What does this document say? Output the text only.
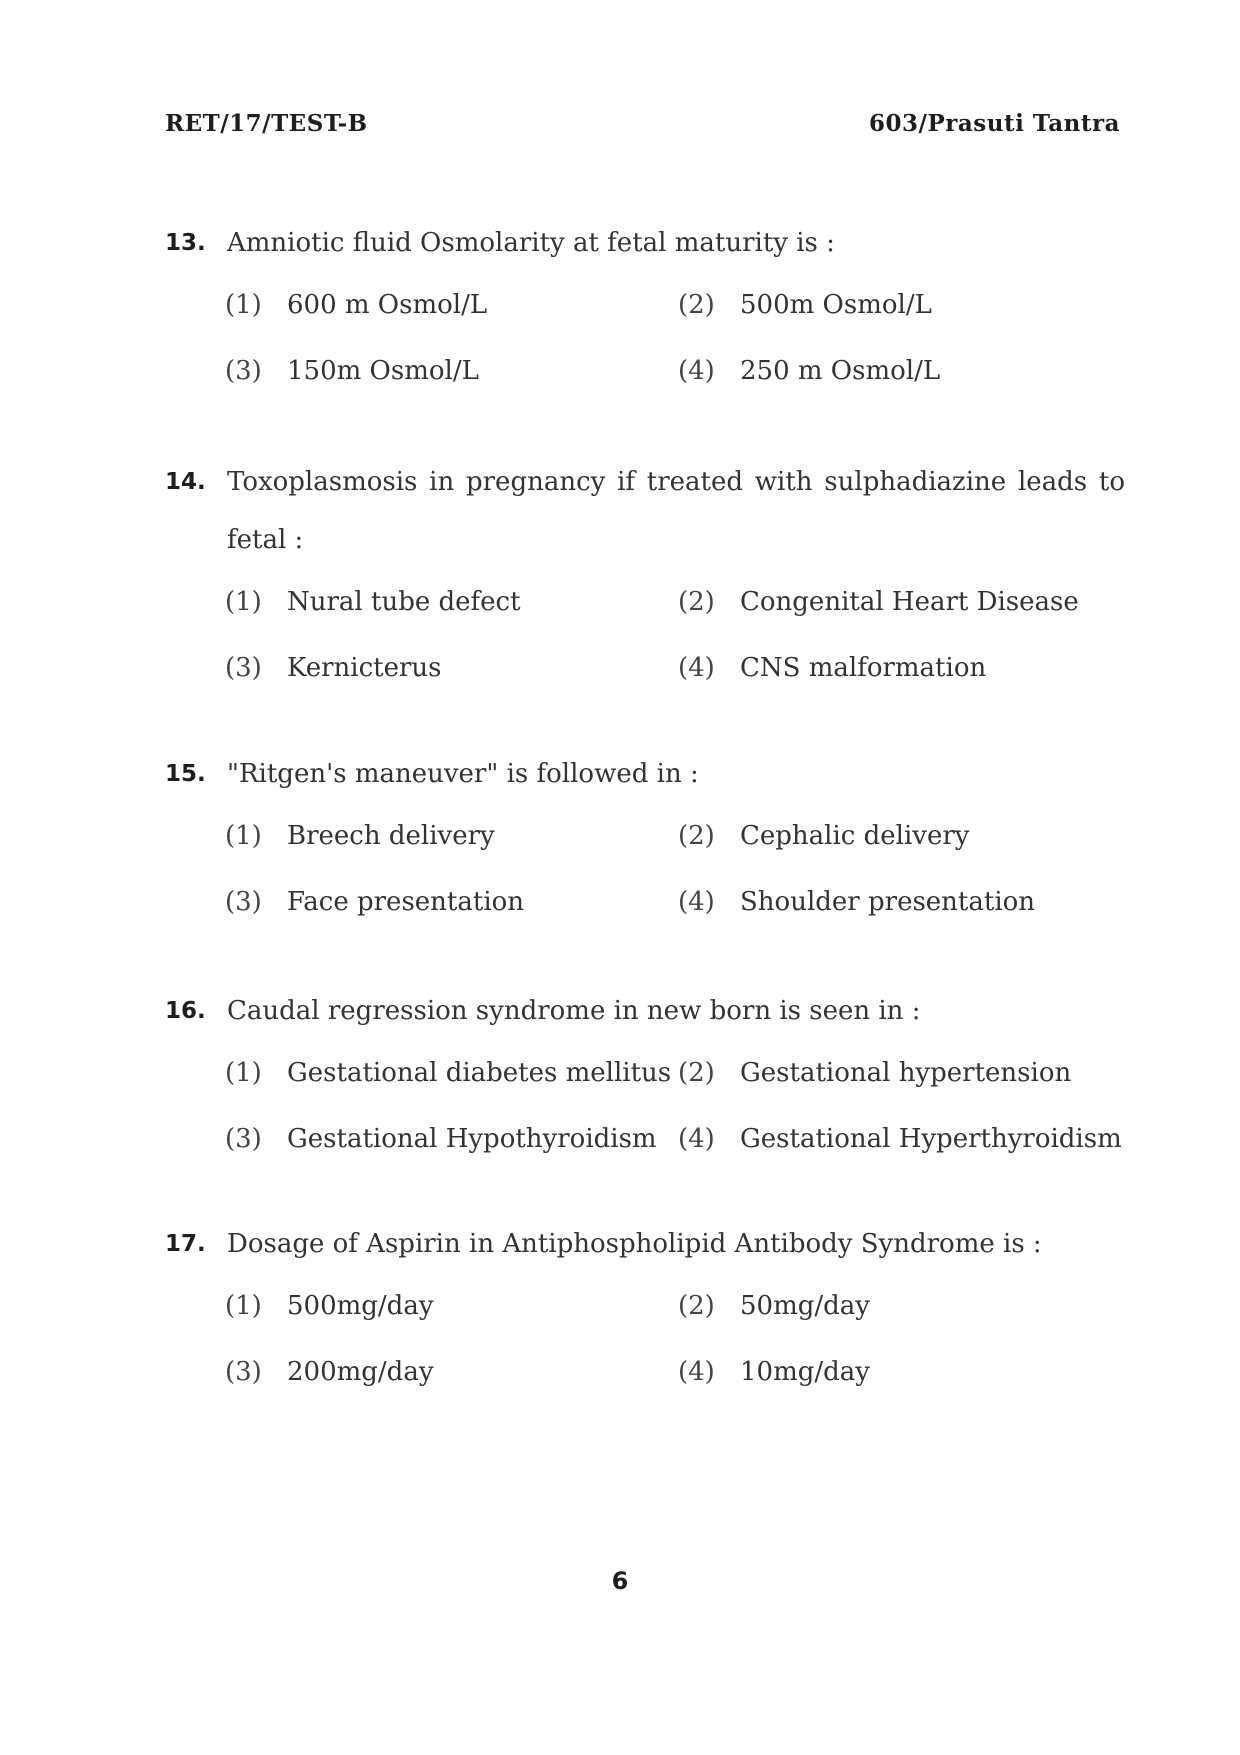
RET/17/TEST-B	603/Prasuti Tantra
13. Amniotic fluid Osmolarity at fetal maturity is :
(1) 600 m Osmol/L	(2) 500m Osmol/L
(3) 150m Osmol/L	(4) 250 m Osmol/L
14. Toxoplasmosis in pregnancy if treated with sulphadiazine leads to
fetal :
(1) Nural tube defect	(2) Congenital Heart Disease
(3) Kernicterus	(4) CNS malformation
15. "Ritgen's maneuver" is followed in :
(1) Breech delivery	(2) Cephalic delivery
(3) Face presentation	(4) Shoulder presentation
16. Caudal regression syndrome in new born is seen in :
(1) Gestational diabetes mellitus (2) Gestational hypertension
(3) Gestational Hypothyroidism (4) Gestational Hyperthyroidism
17. Dosage of Aspirin in Antiphospholipid Antibody Syndrome is :
(1) 500mg/day	(2) 50mg/day
(3) 200mg/day	(4) 10mg/day
6
